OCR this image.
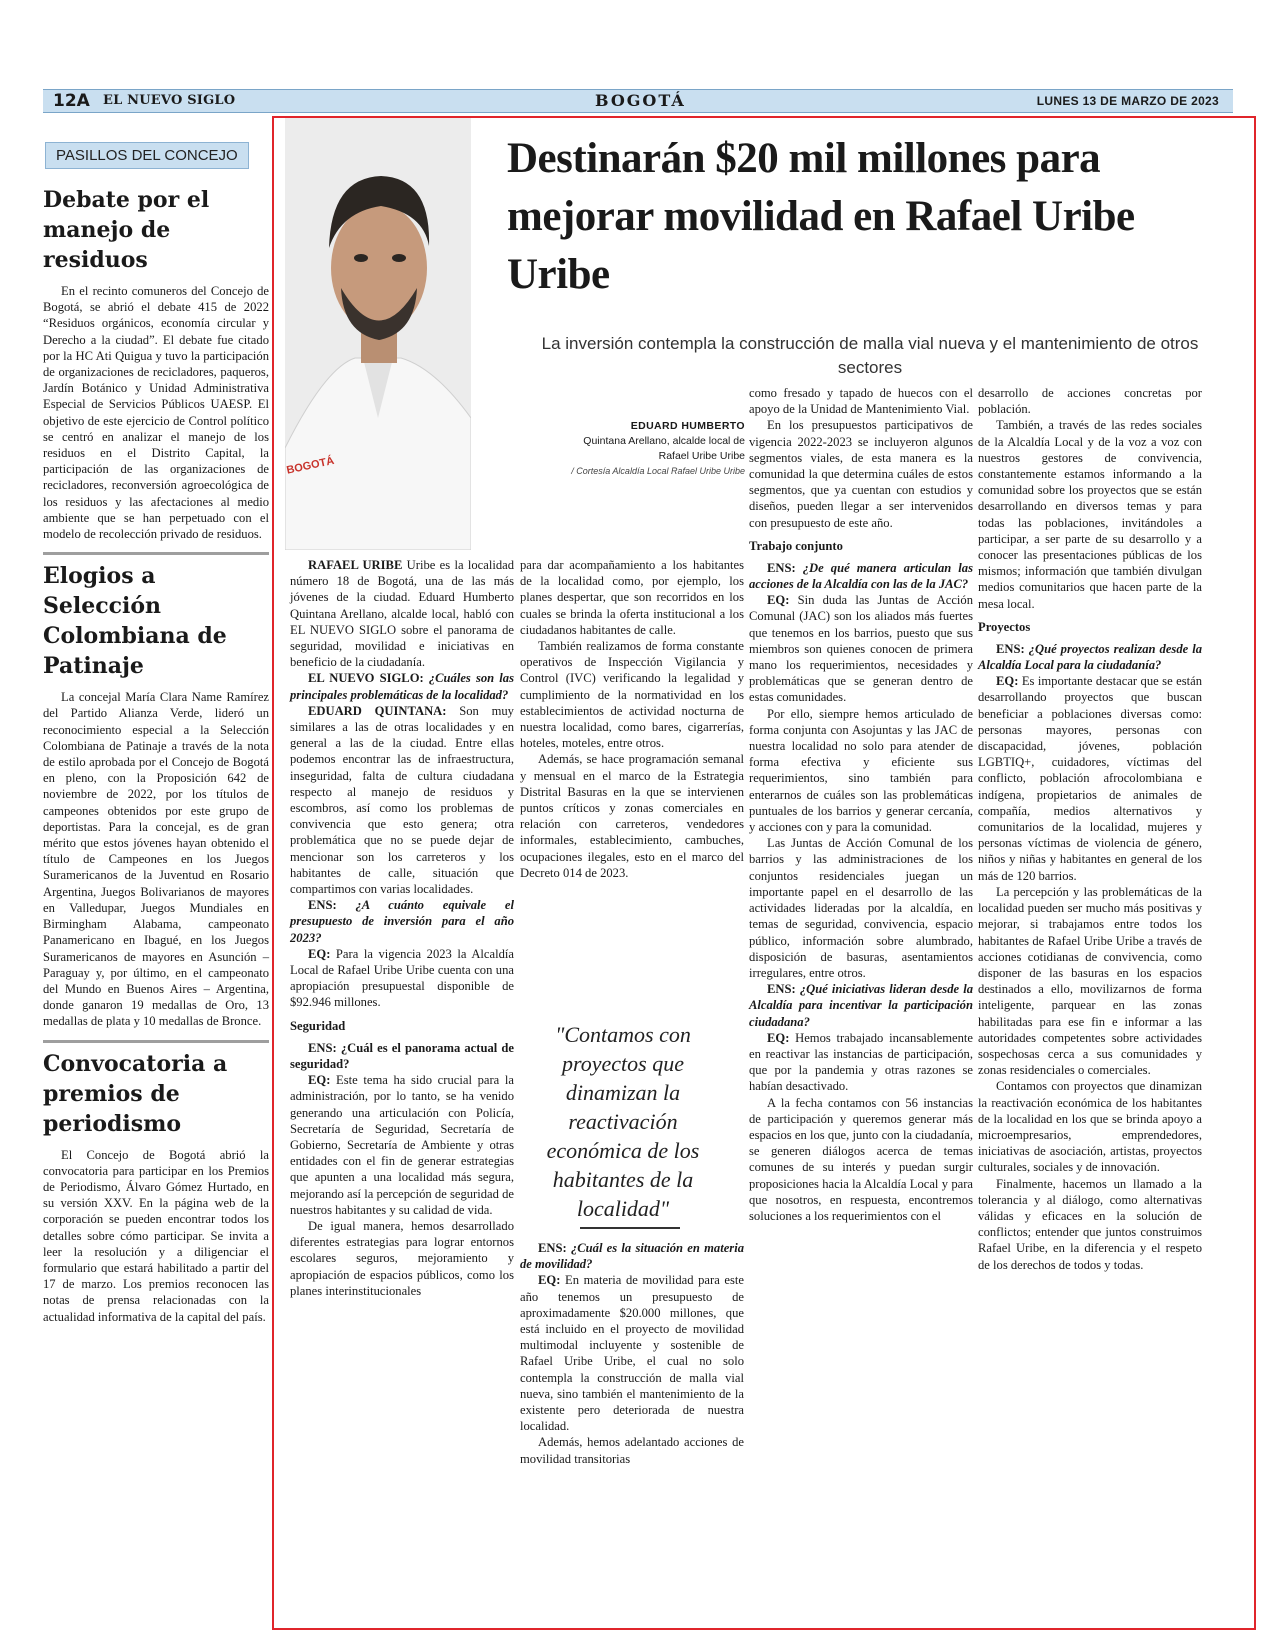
12A EL NUEVO SIGLO	BOGOTÁ	LUNES 13 DE MARZO DE 2023
PASILLOS DEL CONCEJO
Debate por el manejo de residuos

En el recinto comuneros del Concejo de Bogotá, se abrió el debate 415 de 2022 “Residuos orgánicos, economía circular y Derecho a la ciudad”. El debate fue citado por la HC Ati Quigua y tuvo la participación de organizaciones de recicladores, paqueros, Jardín Botánico y Unidad Administrativa Especial de Servicios Públicos UAESP. El objetivo de este ejercicio de Control político se centró en analizar el manejo de los residuos en el Distrito Capital, la participación de las organizaciones de recicladores, reconversión agroecológica de los residuos y las afectaciones al medio ambiente que se han perpetuado con el modelo de recolección privado de residuos.

Elogios a Selección Colombiana de Patinaje

La concejal María Clara Name Ramírez del Partido Alianza Verde, lideró un reconocimiento especial a la Selección Colombiana de Patinaje a través de la nota de estilo aprobada por el Concejo de Bogotá en pleno, con la Proposición 642 de noviembre de 2022, por los títulos de campeones obtenidos por este grupo de deportistas. Para la concejal, es de gran mérito que estos jóvenes hayan obtenido el título de Campeones en los Juegos Suramericanos de la Juventud en Rosario Argentina, Juegos Bolivarianos de mayores en Valledupar, Juegos Mundiales en Birmingham Alabama, campeonato Panamericano en Ibagué, en los Juegos Suramericanos de mayores en Asunción – Paraguay y, por último, en el campeonato del Mundo en Buenos Aires – Argentina, donde ganaron 19 medallas de Oro, 13 medallas de plata y 10 medallas de Bronce.

Convocatoria a premios de periodismo

El Concejo de Bogotá abrió la convocatoria para participar en los Premios de Periodismo, Álvaro Gómez Hurtado, en su versión XXV. En la página web de la corporación se pueden encontrar todos los detalles sobre cómo participar. Se invita a leer la resolución y a diligenciar el formulario que estará habilitado a partir del 17 de marzo. Los premios reconocen las notas de prensa relacionadas con la actualidad informativa de la capital del país.

BOGOTÁ
Destinarán $20 mil millones para mejorar movilidad en Rafael Uribe Uribe

La inversión contempla la construcción de malla vial nueva y el mantenimiento de otros sectores

EDUARD HUMBERTO

Quintana Arellano, alcalde local de Rafael Uribe Uribe

/ Cortesía Alcaldía Local Rafael Uribe Uribe

RAFAEL URIBE Uribe es la localidad número 18 de Bogotá, una de las más jóvenes de la ciudad. Eduard Humberto Quintana Arellano, alcalde local, habló con EL NUEVO SIGLO sobre el panorama de seguridad, movilidad e iniciativas en beneficio de la ciudadanía.

EL NUEVO SIGLO: ¿Cuáles son las principales problemáticas de la localidad?

EDUARD QUINTANA: Son muy similares a las de otras localidades y en general a las de la ciudad. Entre ellas podemos encontrar las de infraestructura, inseguridad, falta de cultura ciudadana respecto al manejo de residuos y escombros, así como los problemas de convivencia que esto genera; otra problemática que no se puede dejar de mencionar son los carreteros y los habitantes de calle, situación que compartimos con varias localidades.

ENS: ¿A cuánto equivale el presupuesto de inversión para el año 2023?

EQ: Para la vigencia 2023 la Alcaldía Local de Rafael Uribe Uribe cuenta con una apropiación presupuestal disponible de $92.946 millones.

Seguridad

ENS: ¿Cuál es el panorama actual de seguridad?

EQ: Este tema ha sido crucial para la administración, por lo tanto, se ha venido generando una articulación con Policía, Secretaría de Seguridad, Secretaría de Gobierno, Secretaría de Ambiente y otras entidades con el fin de generar estrategias que apunten a una localidad más segura, mejorando así la percepción de seguridad de nuestros habitantes y su calidad de vida.

De igual manera, hemos desarrollado diferentes estrategias para lograr entornos escolares seguros, mejoramiento y apropiación de espacios públicos, como los planes interinstitucionales

para dar acompañamiento a los habitantes de la localidad como, por ejemplo, los planes despertar, que son recorridos en los cuales se brinda la oferta institucional a los ciudadanos habitantes de calle.

También realizamos de forma constante operativos de Inspección Vigilancia y Control (IVC) verificando la legalidad y cumplimiento de la normatividad en los establecimientos de actividad nocturna de nuestra localidad, como bares, cigarrerías, hoteles, moteles, entre otros.

Además, se hace programación semanal y mensual en el marco de la Estrategia Distrital Basuras en la que se intervienen puntos críticos y zonas comerciales en relación con carreteros, vendedores informales, establecimiento, cambuches, ocupaciones ilegales, esto en el marco del Decreto 014 de 2023.

ENS: ¿Cuál es la situación en materia de movilidad?

EQ: En materia de movilidad para este año tenemos un presupuesto de aproximadamente $20.000 millones, que está incluido en el proyecto de movilidad multimodal incluyente y sostenible de Rafael Uribe Uribe, el cual no solo contempla la construcción de malla vial nueva, sino también el mantenimiento de la existente pero deteriorada de nuestra localidad.

Además, hemos adelantado acciones de movilidad transitorias

como fresado y tapado de huecos con el apoyo de la Unidad de Mantenimiento Vial.

En los presupuestos participativos de vigencia 2022-2023 se incluyeron algunos segmentos viales, de esta manera es la comunidad la que determina cuáles de estos segmentos, que ya cuentan con estudios y diseños, pueden llegar a ser intervenidos con presupuesto de este año.

Trabajo conjunto

ENS: ¿De qué manera articulan las acciones de la Alcaldía con las de la JAC?

EQ: Sin duda las Juntas de Acción Comunal (JAC) son los aliados más fuertes que tenemos en los barrios, puesto que sus miembros son quienes conocen de primera mano los requerimientos, necesidades y problemáticas que se generan dentro de estas comunidades.

Por ello, siempre hemos articulado de forma conjunta con Asojuntas y las JAC de nuestra localidad no solo para atender de forma efectiva y eficiente sus requerimientos, sino también para enterarnos de cuáles son las problemáticas puntuales de los barrios y generar cercanía, y acciones con y para la comunidad.

Las Juntas de Acción Comunal de los barrios y las administraciones de los conjuntos residenciales juegan un importante papel en el desarrollo de las actividades lideradas por la alcaldía, en temas de seguridad, convivencia, espacio público, información sobre alumbrado, disposición de basuras, asentamientos irregulares, entre otros.

ENS: ¿Qué iniciativas lideran desde la Alcaldía para incentivar la participación ciudadana?

EQ: Hemos trabajado incansablemente en reactivar las instancias de participación, que por la pandemia y otras razones se habían desactivado.

A la fecha contamos con 56 instancias de participación y queremos generar más espacios en los que, junto con la ciudadanía, se generen diálogos acerca de temas comunes de su interés y puedan surgir proposiciones hacia la Alcaldía Local y para que nosotros, en respuesta, encontremos soluciones a los requerimientos con el

desarrollo de acciones concretas por población.

También, a través de las redes sociales de la Alcaldía Local y de la voz a voz con nuestros gestores de convivencia, constantemente estamos informando a la comunidad sobre los proyectos que se están desarrollando en diversos temas y para todas las poblaciones, invitándoles a participar, a ser parte de su desarrollo y a conocer las presentaciones públicas de los mismos; información que también divulgan medios comunitarios que hacen parte de la mesa local.

Proyectos

ENS: ¿Qué proyectos realizan desde la Alcaldía Local para la ciudadanía?

EQ: Es importante destacar que se están desarrollando proyectos que buscan beneficiar a poblaciones diversas como: personas mayores, personas con discapacidad, jóvenes, población LGBTIQ+, cuidadores, víctimas del conflicto, población afrocolombiana e indígena, propietarios de animales de compañía, medios alternativos y comunitarios de la localidad, mujeres y personas víctimas de violencia de género, niños y niñas y habitantes en general de los más de 120 barrios.

La percepción y las problemáticas de la localidad pueden ser mucho más positivas y mejorar, si trabajamos entre todos los habitantes de Rafael Uribe Uribe a través de acciones cotidianas de convivencia, como disponer de las basuras en los espacios destinados a ello, movilizarnos de forma inteligente, parquear en las zonas habilitadas para ese fin e informar a las autoridades competentes sobre actividades sospechosas cerca a sus comunidades y zonas residenciales o comerciales.

Contamos con proyectos que dinamizan la reactivación económica de los habitantes de la localidad en los que se brinda apoyo a microempresarios, emprendedores, iniciativas de asociación, artistas, proyectos culturales, sociales y de innovación.

Finalmente, hacemos un llamado a la tolerancia y al diálogo, como alternativas válidas y eficaces en la solución de conflictos; entender que juntos construimos Rafael Uribe, en la diferencia y el respeto de los derechos de todos y todas.

"Contamos con proyectos que dinamizan la reactivación económica de los habitantes de la localidad"
